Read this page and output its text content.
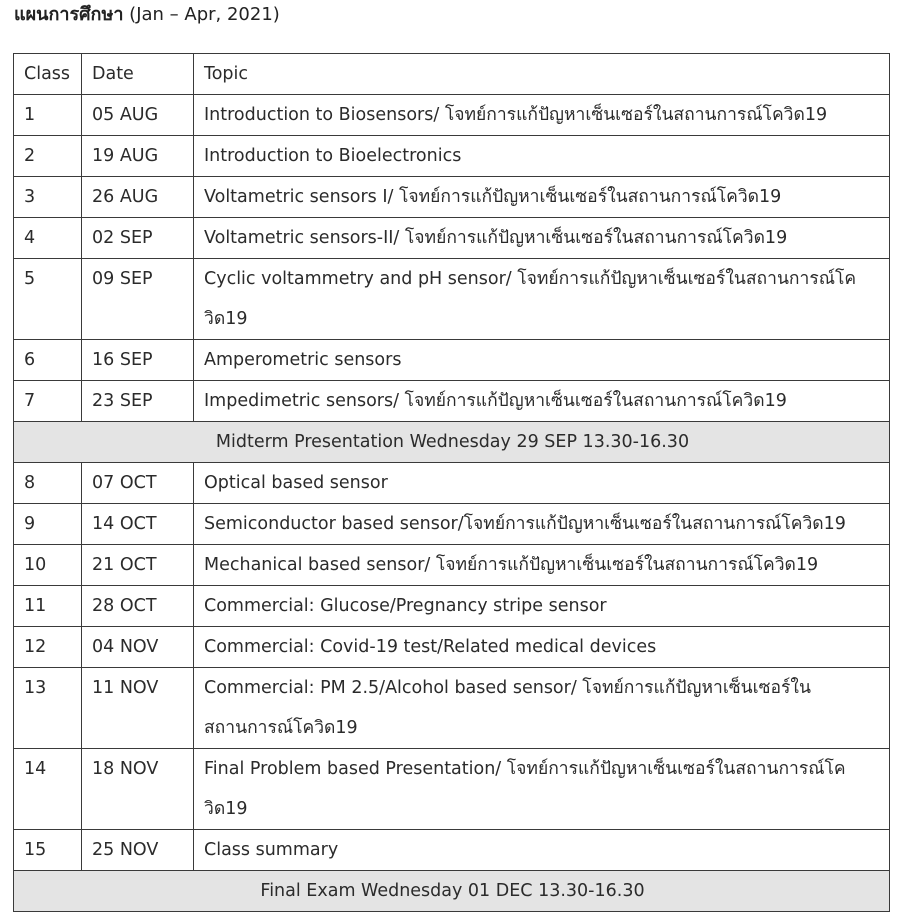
แผนการศึกษา (Jan – Apr, 2021)
Class	Date	Topic
1	05 AUG	Introduction to Biosensors/ โจทย์การแก้ปัญหาเซ็นเซอร์ในสถานการณ์โควิด19
2	19 AUG	Introduction to Bioelectronics
3	26 AUG	Voltametric sensors I/ โจทย์การแก้ปัญหาเซ็นเซอร์ในสถานการณ์โควิด19
4	02 SEP	Voltametric sensors-II/ โจทย์การแก้ปัญหาเซ็นเซอร์ในสถานการณ์โควิด19
5	09 SEP	Cyclic voltammetry and pH sensor/ โจทย์การแก้ปัญหาเซ็นเซอร์ในสถานการณ์โควิด19
6	16 SEP	Amperometric sensors
7	23 SEP	Impedimetric sensors/ โจทย์การแก้ปัญหาเซ็นเซอร์ในสถานการณ์โควิด19
Midterm Presentation Wednesday 29 SEP 13.30-16.30		
8	07 OCT	Optical based sensor
9	14 OCT	Semiconductor based sensor/โจทย์การแก้ปัญหาเซ็นเซอร์ในสถานการณ์โควิด19
10	21 OCT	Mechanical based sensor/ โจทย์การแก้ปัญหาเซ็นเซอร์ในสถานการณ์โควิด19
11	28 OCT	Commercial: Glucose/Pregnancy stripe sensor
12	04 NOV	Commercial: Covid-19 test/Related medical devices
13	11 NOV	Commercial: PM 2.5/Alcohol based sensor/ โจทย์การแก้ปัญหาเซ็นเซอร์ในสถานการณ์โควิด19
14	18 NOV	Final Problem based Presentation/ โจทย์การแก้ปัญหาเซ็นเซอร์ในสถานการณ์โควิด19
15	25 NOV	Class summary
Final Exam Wednesday 01 DEC 13.30-16.30		
